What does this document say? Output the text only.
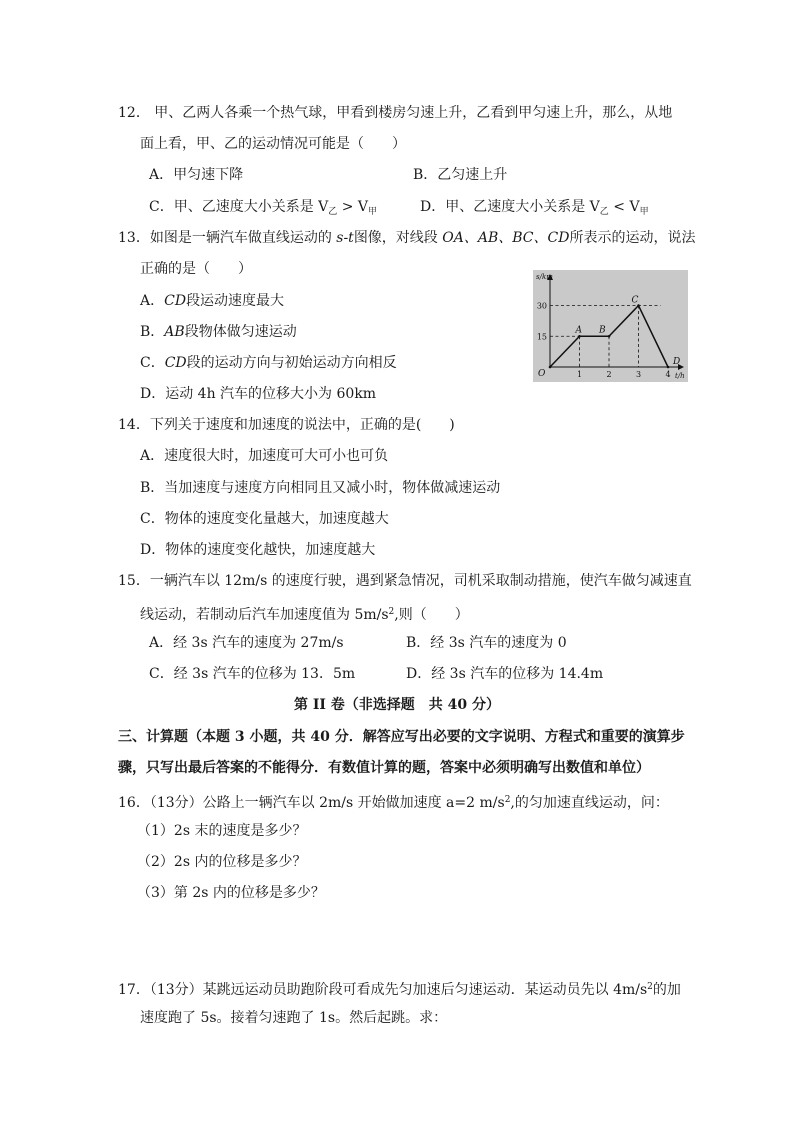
12． 甲、乙两人各乘一个热气球，甲看到楼房匀速上升，乙看到甲匀速上升，那么，从地
面上看，甲、乙的运动情况可能是（　　）
A．甲匀速下降	B．乙匀速上升
C．甲、乙速度大小关系是 $V_乙 > V_甲$	D．甲、乙速度大小关系是 $V_乙 < V_甲$
13．如图是一辆汽车做直线运动的 s-t图像，对线段 OA、AB、BC、CD所表示的运动，说法
正确的是（　　）
A．CD段运动速度最大
B．AB段物体做匀速运动
C．CD段的运动方向与初始运动方向相反
D．运动 4h 汽车的位移大小为 60km
s/km
t/h
O
15
30
1	2	3	4
A B
C
D
14．下列关于速度和加速度的说法中，正确的是(　　)
A．速度很大时，加速度可大可小也可负
B．当加速度与速度方向相同且又减小时，物体做减速运动
C．物体的速度变化量越大，加速度越大
D．物体的速度变化越快，加速度越大
15．一辆汽车以 12m/s 的速度行驶，遇到紧急情况，司机采取制动措施，使汽车做匀减速直
线运动，若制动后汽车加速度值为 $5m/s^2$,则（　　）
A．经 3s 汽车的速度为 27m/s	B．经 3s 汽车的速度为 0
C．经 3s 汽车的位移为 13．5m	D．经 3s 汽车的位移为 14.4m
第 II 卷（非选择题　共 40 分）
三、计算题（本题 3 小题，共 40 分．解答应写出必要的文字说明、方程式和重要的演算步
骤，只写出最后答案的不能得分．有数值计算的题，答案中必须明确写出数值和单位）
16．（13分）公路上一辆汽车以 2m/s 开始做加速度 a=2 $m/s^2$,的匀加速直线运动，问：
（1）2s 末的速度是多少？
（2）2s 内的位移是多少？
（3）第 2s 内的位移是多少？
17．（13分）某跳远运动员助跑阶段可看成先匀加速后匀速运动．某运动员先以 $4m/s^2$的加
速度跑了 5s。接着匀速跑了 1s。然后起跳。求：
